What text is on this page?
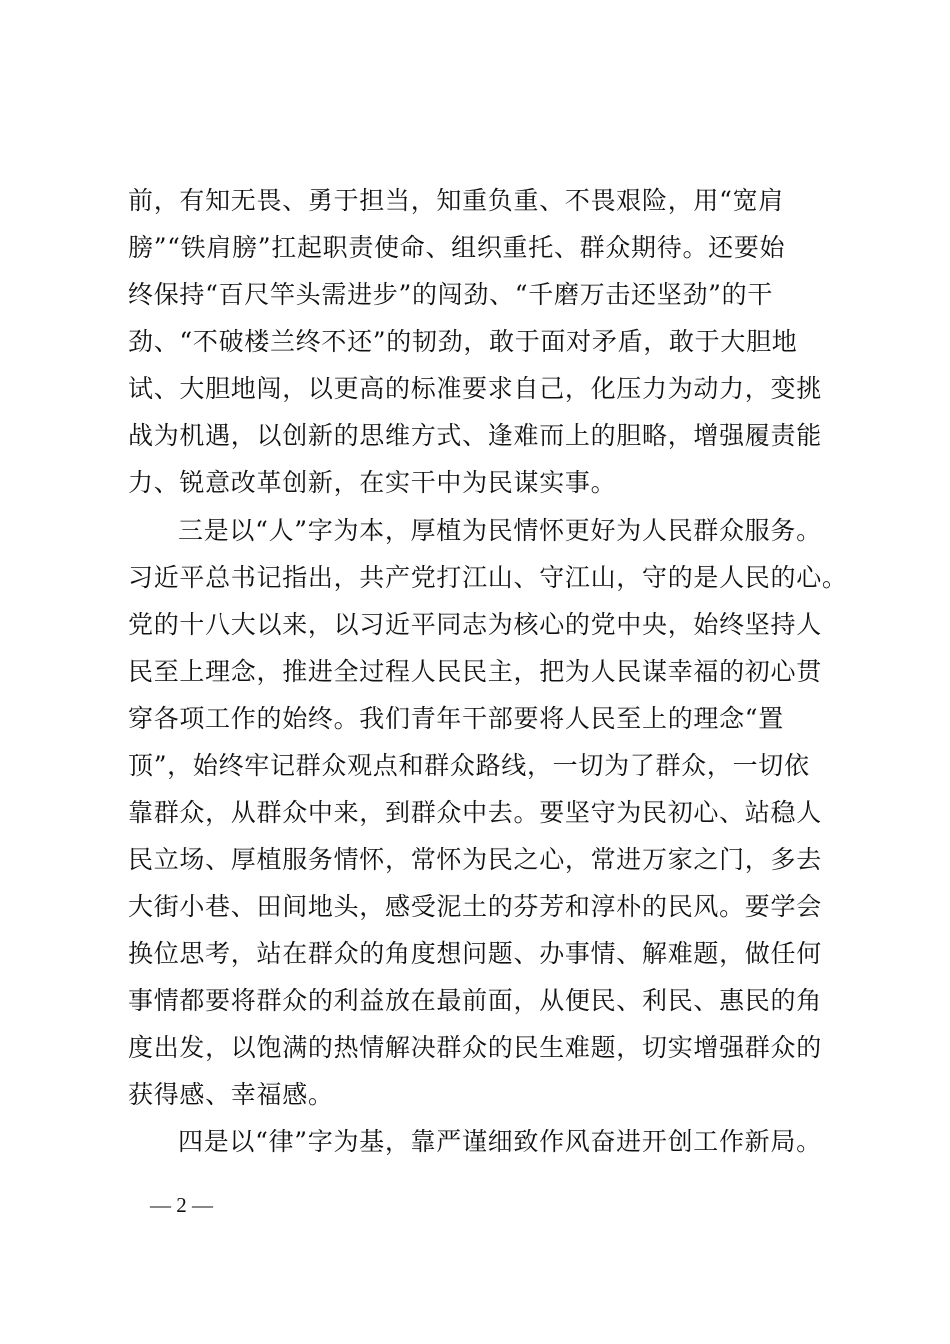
前，有知无畏、勇于担当，知重负重、不畏艰险，用“宽肩
膀”“铁肩膀”扛起职责使命、组织重托、群众期待。还要始
终保持“百尺竿头需进步”的闯劲、“千磨万击还坚劲”的干
劲、“不破楼兰终不还”的韧劲，敢于面对矛盾，敢于大胆地
试、大胆地闯，以更高的标准要求自己，化压力为动力，变挑
战为机遇，以创新的思维方式、逢难而上的胆略，增强履责能
力、锐意改革创新，在实干中为民谋实事。
三是以“人”字为本，厚植为民情怀更好为人民群众服务。
习近平总书记指出，共产党打江山、守江山，守的是人民的心。
党的十八大以来，以习近平同志为核心的党中央，始终坚持人
民至上理念，推进全过程人民民主，把为人民谋幸福的初心贯
穿各项工作的始终。我们青年干部要将人民至上的理念“置
顶”，始终牢记群众观点和群众路线，一切为了群众，一切依
靠群众，从群众中来，到群众中去。要坚守为民初心、站稳人
民立场、厚植服务情怀，常怀为民之心，常进万家之门，多去
大街小巷、田间地头，感受泥土的芬芳和淳朴的民风。要学会
换位思考，站在群众的角度想问题、办事情、解难题，做任何
事情都要将群众的利益放在最前面，从便民、利民、惠民的角
度出发，以饱满的热情解决群众的民生难题，切实增强群众的
获得感、幸福感。
四是以“律”字为基，靠严谨细致作风奋进开创工作新局。
— 2 —
